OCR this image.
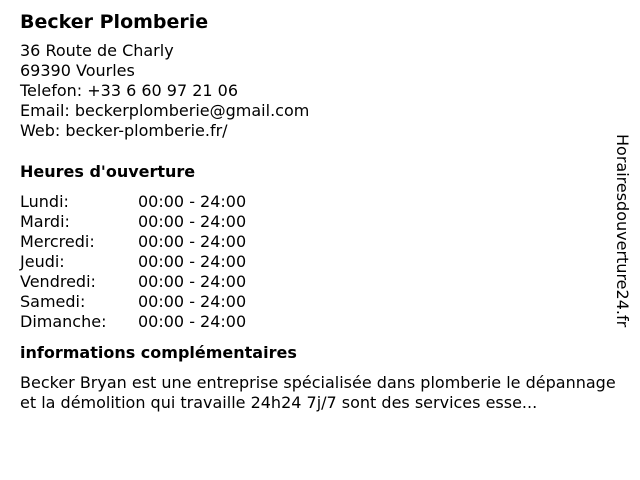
Becker Plomberie
36 Route de Charly
69390 Vourles
Telefon: +33 6 60 97 21 06
Email: beckerplomberie@gmail.com
Web: becker-plomberie.fr/
Heures d'ouverture
Lundi:	00:00 - 24:00
Mardi:	00:00 - 24:00
Mercredi:	00:00 - 24:00
Jeudi:	00:00 - 24:00
Vendredi:	00:00 - 24:00
Samedi:	00:00 - 24:00
Dimanche:	00:00 - 24:00
informations complémentaires
Becker Bryan est une entreprise spécialisée dans plomberie le dépannage et la démolition qui travaille 24h24 7j/7 sont des services esse...
Horairesdouverture24.fr
